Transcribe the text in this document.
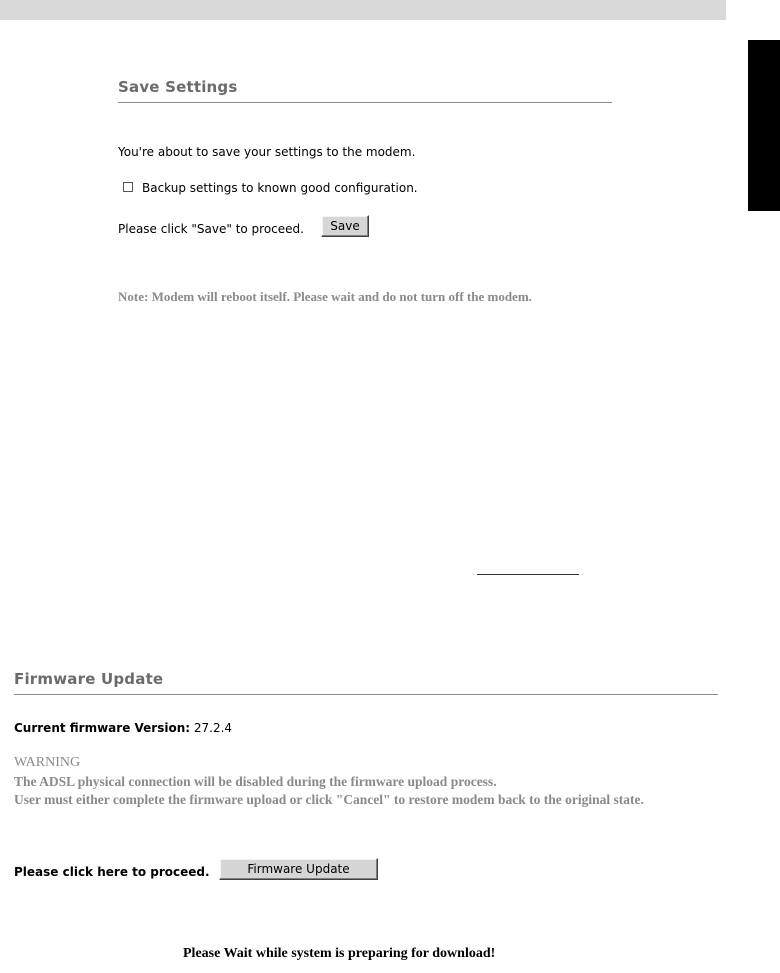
Save Settings
You're about to save your settings to the modem.
Backup settings to known good configuration.
Please click "Save" to proceed.	Save
Note: Modem will reboot itself. Please wait and do not turn off the modem.
Firmware Update
Current firmware Version: 27.2.4
WARNING
The ADSL physical connection will be disabled during the firmware upload process.
User must either complete the firmware upload or click "Cancel" to restore modem back to the original state.
Please click here to proceed.	Firmware Update
Please Wait while system is preparing for download!
